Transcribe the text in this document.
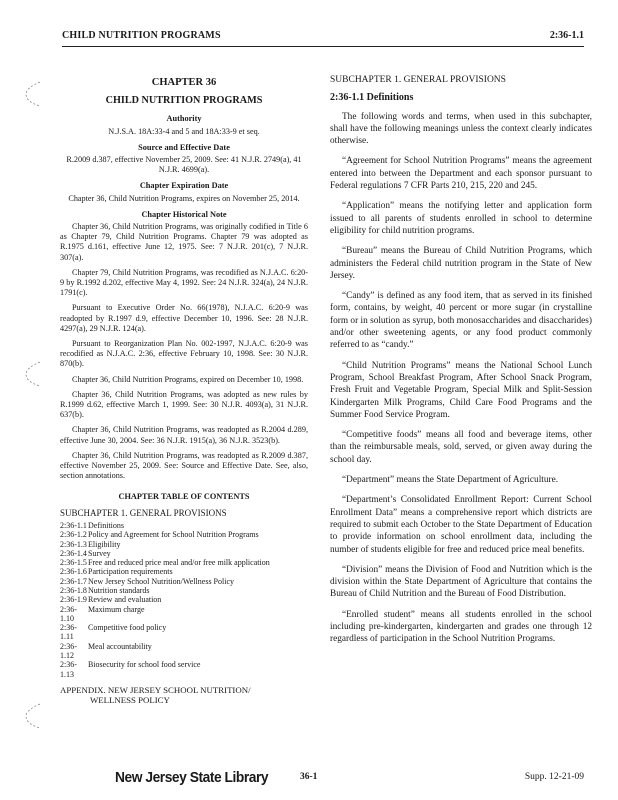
CHILD NUTRITION PROGRAMS	2:36-1.1
CHAPTER 36
CHILD NUTRITION PROGRAMS
Authority
N.J.S.A. 18A:33-4 and 5 and 18A:33-9 et seq.
Source and Effective Date
R.2009 d.387, effective November 25, 2009. See: 41 N.J.R. 2749(a), 41 N.J.R. 4699(a).
Chapter Expiration Date
Chapter 36, Child Nutrition Programs, expires on November 25, 2014.
Chapter Historical Note

Chapter 36, Child Nutrition Programs, was originally codified in Title 6 as Chapter 79, Child Nutrition Programs. Chapter 79 was adopted as R.1975 d.161, effective June 12, 1975. See: 7 N.J.R. 201(c), 7 N.J.R. 307(a).

Chapter 79, Child Nutrition Programs, was recodified as N.J.A.C. 6:20-9 by R.1992 d.202, effective May 4, 1992. See: 24 N.J.R. 324(a), 24 N.J.R. 1791(c).

Pursuant to Executive Order No. 66(1978), N.J.A.C. 6:20-9 was readopted by R.1997 d.9, effective December 10, 1996. See: 28 N.J.R. 4297(a), 29 N.J.R. 124(a).

Pursuant to Reorganization Plan No. 002-1997, N.J.A.C. 6:20-9 was recodified as N.J.A.C. 2:36, effective February 10, 1998. See: 30 N.J.R. 870(b).

Chapter 36, Child Nutrition Programs, expired on December 10, 1998.

Chapter 36, Child Nutrition Programs, was adopted as new rules by R.1999 d.62, effective March 1, 1999. See: 30 N.J.R. 4093(a), 31 N.J.R. 637(b).

Chapter 36, Child Nutrition Programs, was readopted as R.2004 d.289, effective June 30, 2004. See: 36 N.J.R. 1915(a), 36 N.J.R. 3523(b).

Chapter 36, Child Nutrition Programs, was readopted as R.2009 d.387, effective November 25, 2009. See: Source and Effective Date. See, also, section annotations.

CHAPTER TABLE OF CONTENTS
SUBCHAPTER 1. GENERAL PROVISIONS
2:36-1.1 Definitions
2:36-1.2 Policy and Agreement for School Nutrition Programs
2:36-1.3 Eligibility
2:36-1.4 Survey
2:36-1.5 Free and reduced price meal and/or free milk application
2:36-1.6 Participation requirements
2:36-1.7 New Jersey School Nutrition/Wellness Policy
2:36-1.8 Nutrition standards
2:36-1.9 Review and evaluation
2:36-1.10
Maximum charge
2:36-1.11
Competitive food policy
2:36-1.12
Meal accountability
2:36-1.13
Biosecurity for school food service
APPENDIX. NEW JERSEY SCHOOL NUTRITION/
WELLNESS POLICY
SUBCHAPTER 1. GENERAL PROVISIONS
2:36-1.1 Definitions

The following words and terms, when used in this subchapter, shall have the following meanings unless the context clearly indicates otherwise.

“Agreement for School Nutrition Programs” means the agreement entered into between the Department and each sponsor pursuant to Federal regulations 7 CFR Parts 210, 215, 220 and 245.

“Application” means the notifying letter and application form issued to all parents of students enrolled in school to determine eligibility for child nutrition programs.

“Bureau” means the Bureau of Child Nutrition Programs, which administers the Federal child nutrition program in the State of New Jersey.

“Candy” is defined as any food item, that as served in its finished form, contains, by weight, 40 percent or more sugar (in crystalline form or in solution as syrup, both monosaccharides and disaccharides) and/or other sweetening agents, or any food product commonly referred to as “candy.”

“Child Nutrition Programs” means the National School Lunch Program, School Breakfast Program, After School Snack Program, Fresh Fruit and Vegetable Program, Special Milk and Split-Session Kindergarten Milk Programs, Child Care Food Programs and the Summer Food Service Program.

“Competitive foods” means all food and beverage items, other than the reimbursable meals, sold, served, or given away during the school day.

“Department” means the State Department of Agriculture.

“Department’s Consolidated Enrollment Report: Current School Enrollment Data” means a comprehensive report which districts are required to submit each October to the State Department of Education to provide information on school enrollment data, including the number of students eligible for free and reduced price meal benefits.

“Division” means the Division of Food and Nutrition which is the division within the State Department of Agriculture that contains the Bureau of Child Nutrition and the Bureau of Food Distribution.

“Enrolled student” means all students enrolled in the school including pre-kindergarten, kindergarten and grades one through 12 regardless of participation in the School Nutrition Programs.

New Jersey State Library	36-1	Supp. 12-21-09
